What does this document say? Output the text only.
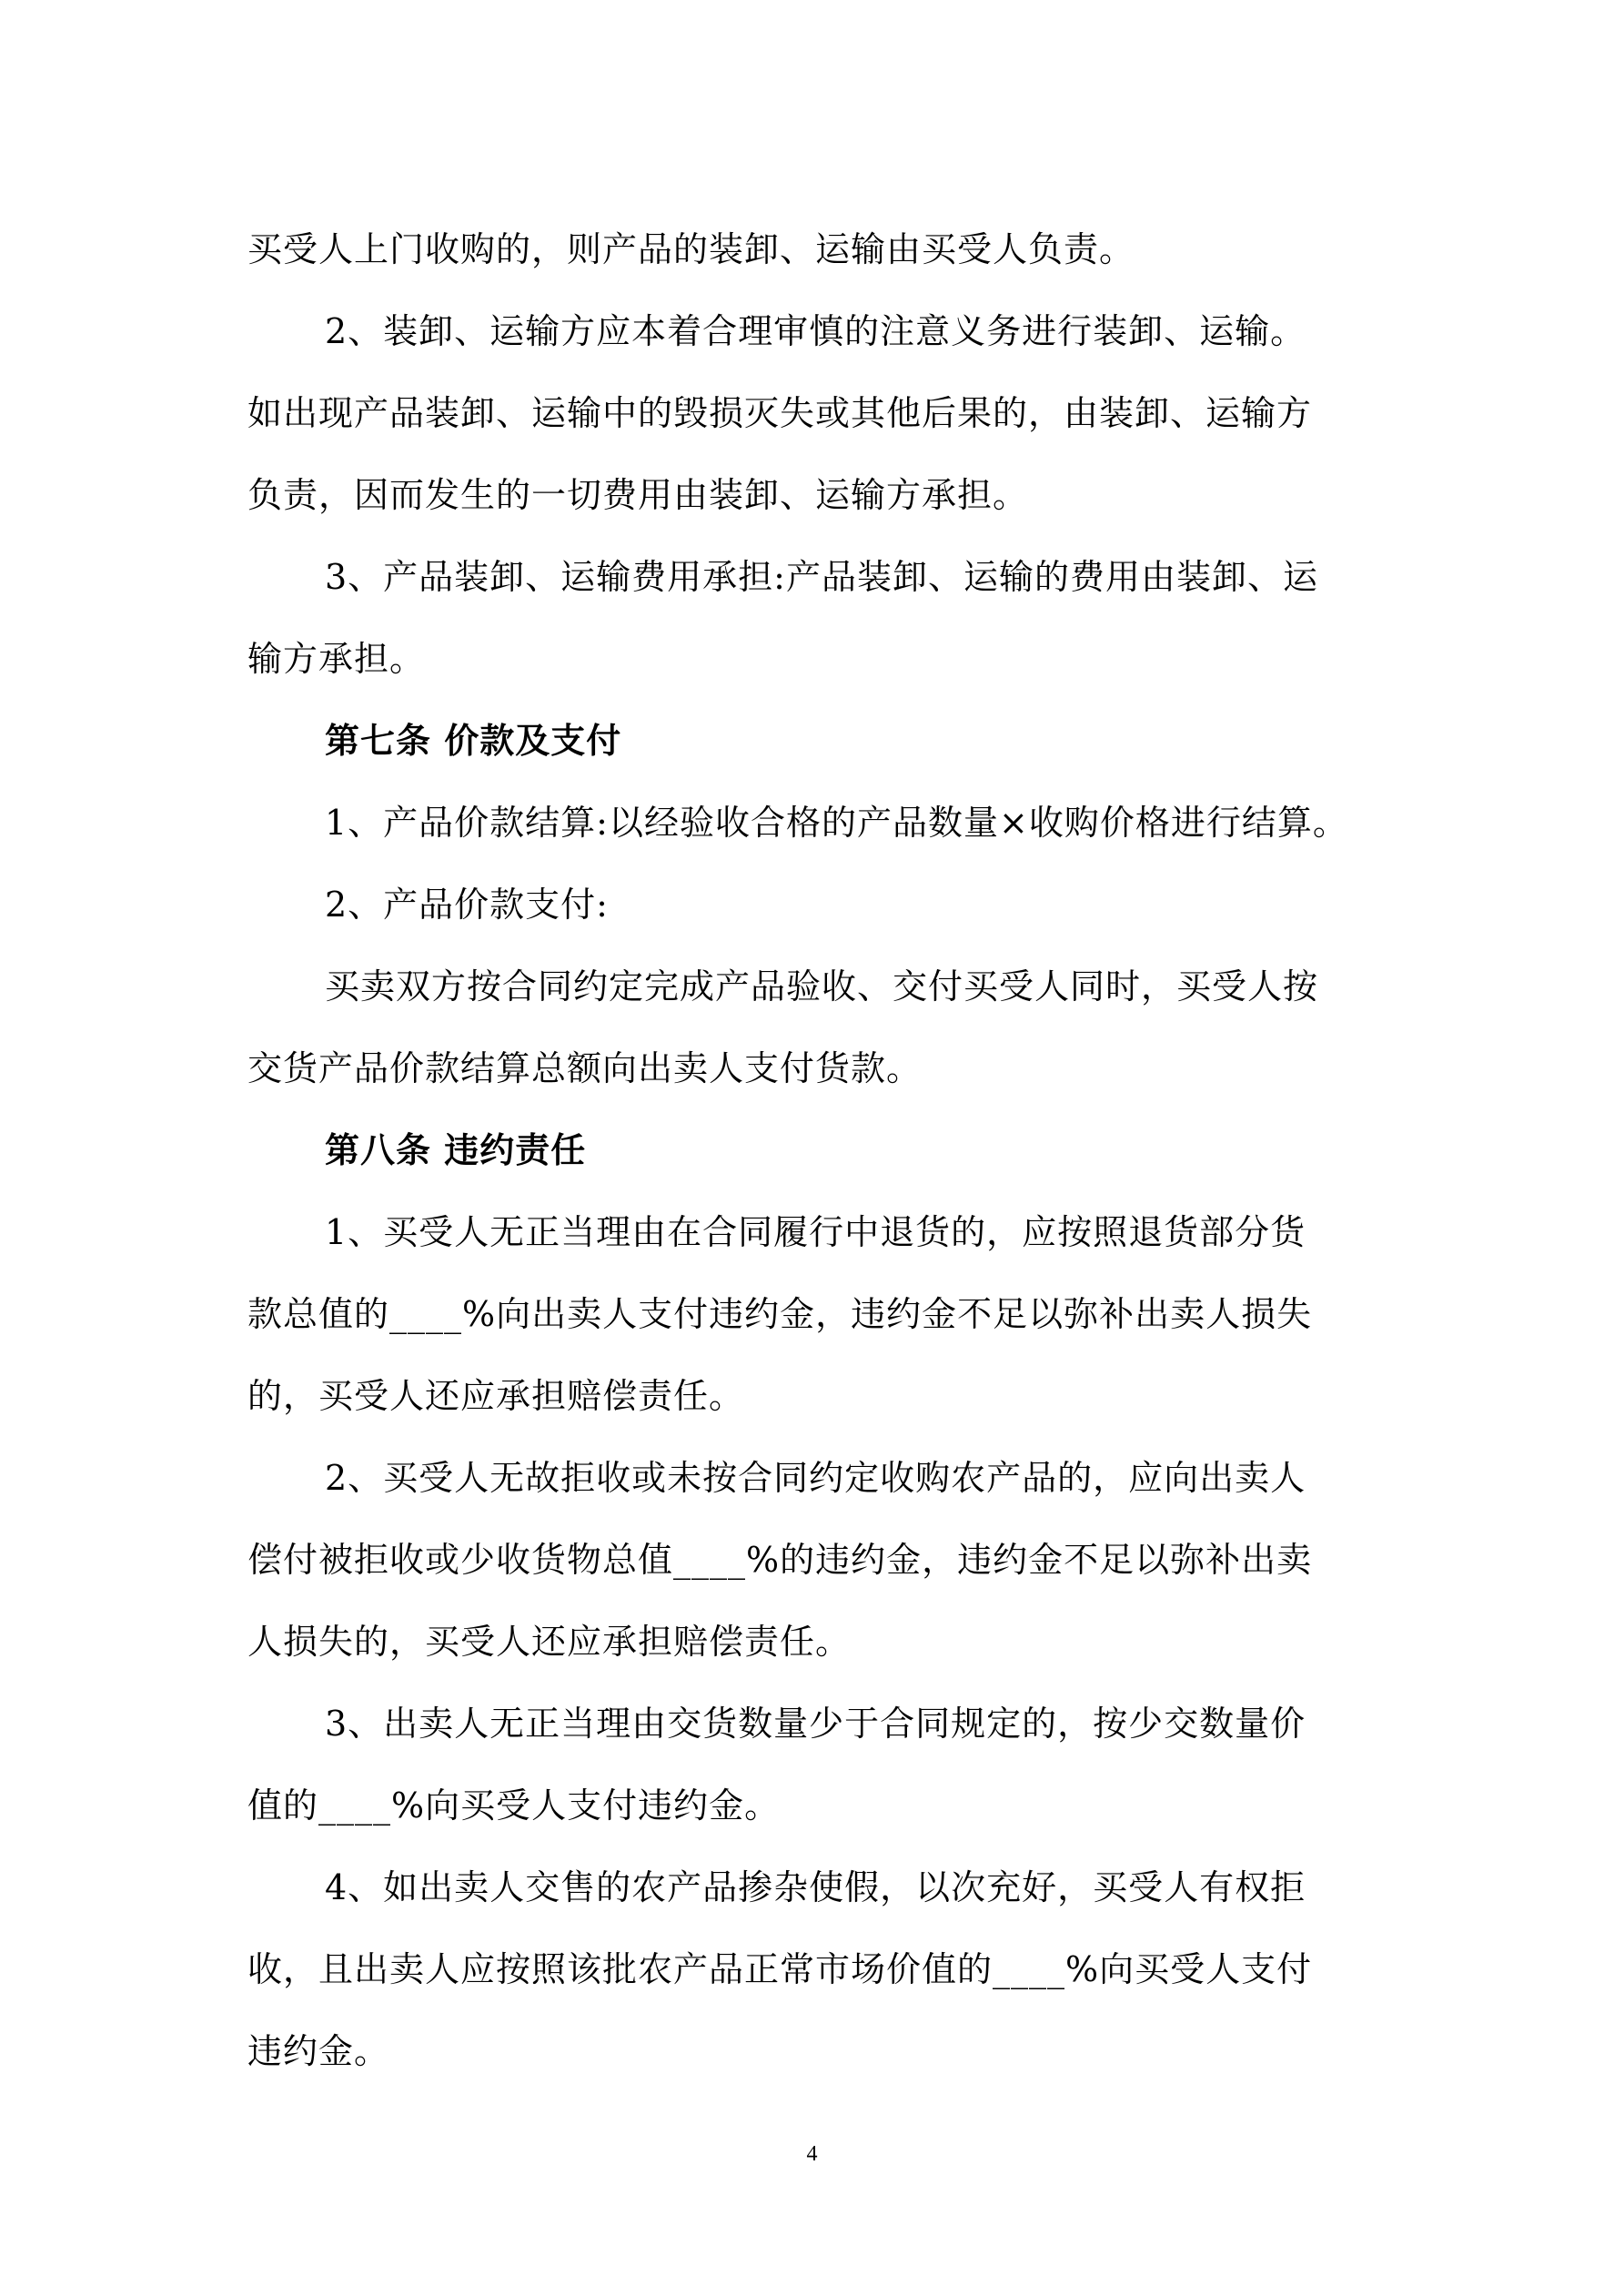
买受人上门收购的，则产品的装卸、运输由买受人负责。
2、装卸、运输方应本着合理审慎的注意义务进行装卸、运输。
如出现产品装卸、运输中的毁损灭失或其他后果的，由装卸、运输方
负责，因而发生的一切费用由装卸、运输方承担。
3、产品装卸、运输费用承担:产品装卸、运输的费用由装卸、运
输方承担。
第七条 价款及支付
1、产品价款结算:以经验收合格的产品数量×收购价格进行结算。
2、产品价款支付:
买卖双方按合同约定完成产品验收、交付买受人同时，买受人按
交货产品价款结算总额向出卖人支付货款。
第八条 违约责任
1、买受人无正当理由在合同履行中退货的，应按照退货部分货
款总值的____%向出卖人支付违约金，违约金不足以弥补出卖人损失
的，买受人还应承担赔偿责任。
2、买受人无故拒收或未按合同约定收购农产品的，应向出卖人
偿付被拒收或少收货物总值____%的违约金，违约金不足以弥补出卖
人损失的，买受人还应承担赔偿责任。
3、出卖人无正当理由交货数量少于合同规定的，按少交数量价
值的____%向买受人支付违约金。
4、如出卖人交售的农产品掺杂使假，以次充好，买受人有权拒
收，且出卖人应按照该批农产品正常市场价值的____%向买受人支付
违约金。
4
